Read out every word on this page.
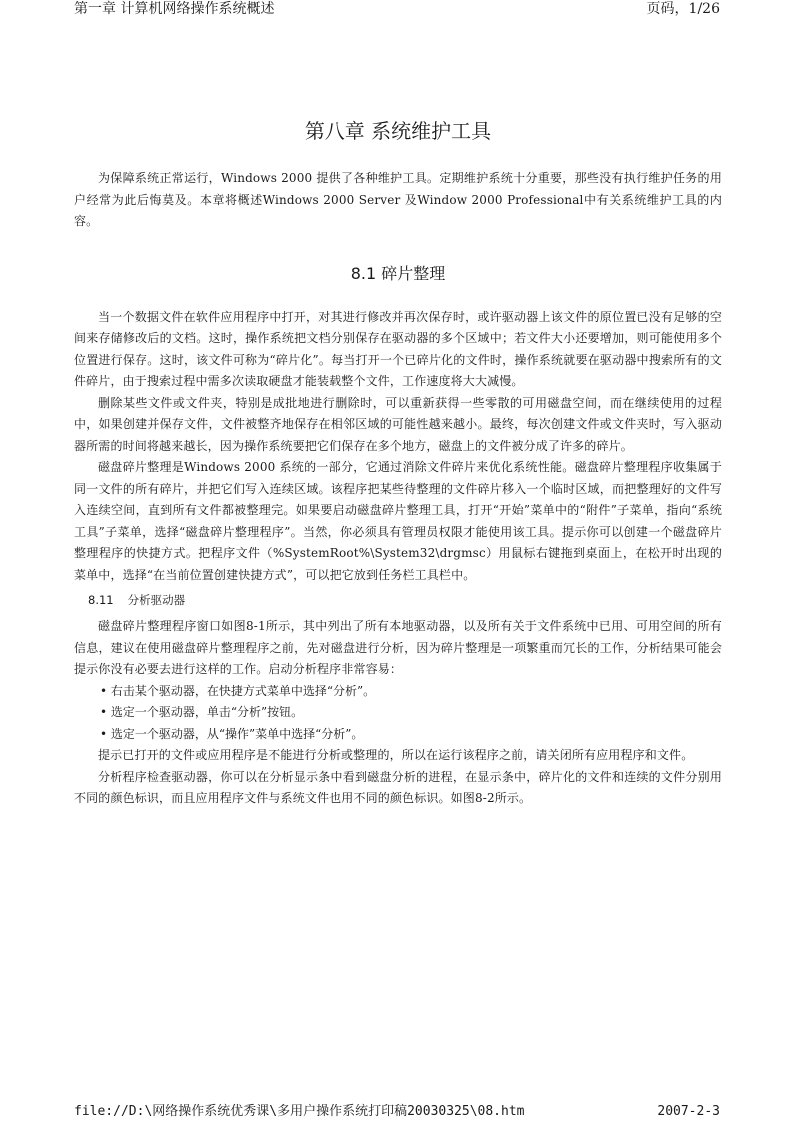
第一章 计算机网络操作系统概述	页码，1/26
第八章 系统维护工具

为保障系统正常运行，Windows 2000 提供了各种维护工具。定期维护系统十分重要，那些没有执行维护任务的用户经常为此后悔莫及。本章将概述Windows 2000 Server 及Window 2000 Professional中有关系统维护工具的内容。

8.1 碎片整理

当一个数据文件在软件应用程序中打开，对其进行修改并再次保存时，或许驱动器上该文件的原位置已没有足够的空间来存储修改后的文档。这时，操作系统把文档分别保存在驱动器的多个区域中；若文件大小还要增加，则可能使用多个位置进行保存。这时，该文件可称为“碎片化”。每当打开一个已碎片化的文件时，操作系统就要在驱动器中搜索所有的文件碎片，由于搜索过程中需多次读取硬盘才能装载整个文件，工作速度将大大减慢。

删除某些文件或文件夹，特别是成批地进行删除时，可以重新获得一些零散的可用磁盘空间，而在继续使用的过程中，如果创建并保存文件，文件被整齐地保存在相邻区域的可能性越来越小。最终，每次创建文件或文件夹时，写入驱动器所需的时间将越来越长，因为操作系统要把它们保存在多个地方，磁盘上的文件被分成了许多的碎片。

磁盘碎片整理是Windows 2000 系统的一部分，它通过消除文件碎片来优化系统性能。磁盘碎片整理程序收集属于同一文件的所有碎片，并把它们写入连续区域。该程序把某些待整理的文件碎片移入一个临时区域，而把整理好的文件写入连续空间，直到所有文件都被整理完。如果要启动磁盘碎片整理工具，打开“开始”菜单中的“附件”子菜单，指向“系统工具”子菜单，选择“磁盘碎片整理程序”。当然，你必须具有管理员权限才能使用该工具。提示你可以创建一个磁盘碎片整理程序的快捷方式。把程序文件（%SystemRoot%\System32\drgmsc）用鼠标右键拖到桌面上，在松开时出现的菜单中，选择“在当前位置创建快捷方式”，可以把它放到任务栏工具栏中。

8.11 分析驱动器

磁盘碎片整理程序窗口如图8-1所示，其中列出了所有本地驱动器，以及所有关于文件系统中已用、可用空间的所有信息，建议在使用磁盘碎片整理程序之前，先对磁盘进行分析，因为碎片整理是一项繁重而冗长的工作，分析结果可能会提示你没有必要去进行这样的工作。启动分析程序非常容易：

• 右击某个驱动器，在快捷方式菜单中选择“分析”。
• 选定一个驱动器，单击“分析”按钮。
• 选定一个驱动器，从“操作”菜单中选择“分析”。

提示已打开的文件或应用程序是不能进行分析或整理的，所以在运行该程序之前，请关闭所有应用程序和文件。

分析程序检查驱动器，你可以在分析显示条中看到磁盘分析的进程，在显示条中，碎片化的文件和连续的文件分别用不同的颜色标识，而且应用程序文件与系统文件也用不同的颜色标识。如图8-2所示。

file://D:\网络操作系统优秀课\多用户操作系统打印稿20030325\08.htm	2007-2-3
